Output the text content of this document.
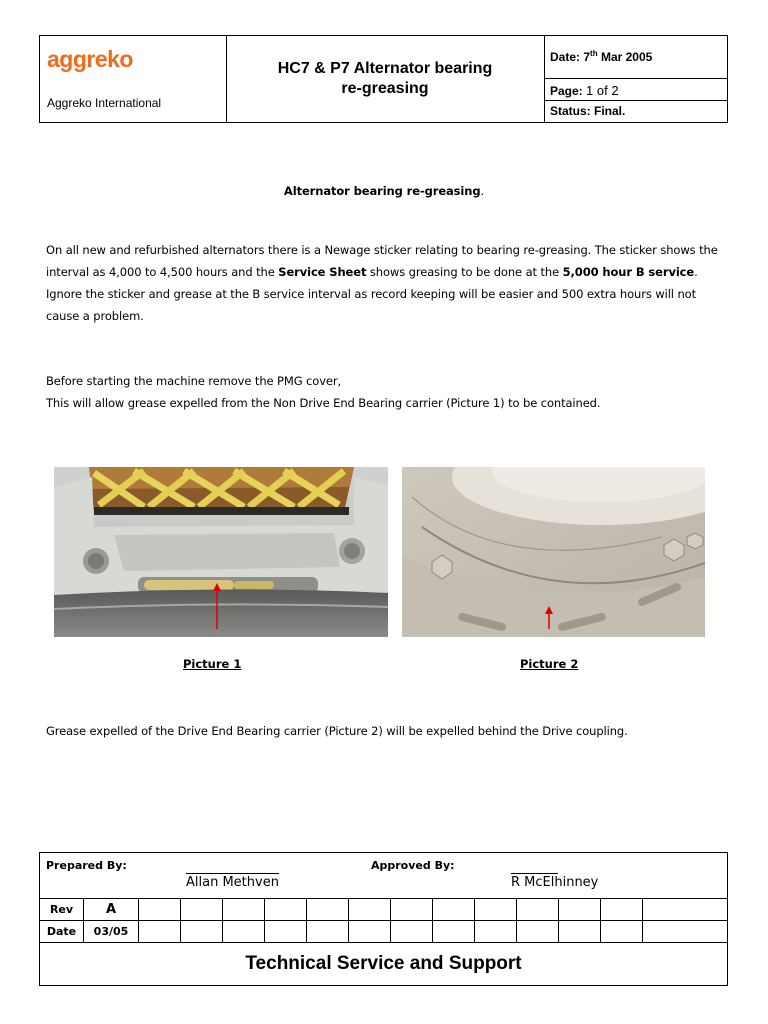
aggreko
Aggreko International
HC7 & P7 Alternator bearing
re-greasing
Date: 7th Mar 2005
Page: 1 of 2
Status: Final.
Alternator bearing re-greasing.
On all new and refurbished alternators there is a Newage sticker relating to bearing re-greasing. The sticker shows the interval as 4,000 to 4,500 hours and the Service Sheet shows greasing to be done at the 5,000 hour B service. Ignore the sticker and grease at the B service interval as record keeping will be easier and 500 extra hours will not cause a problem.
Before starting the machine remove the PMG cover,
This will allow grease expelled from the Non Drive End Bearing carrier (Picture 1) to be contained.
Picture 1	Picture 2
Grease expelled of the Drive End Bearing carrier (Picture 2) will be expelled behind the Drive coupling.
Prepared By:
Allan Methven
Approved By:
R McElhinney
Rev	A
Date	03/05
Technical Service and Support
